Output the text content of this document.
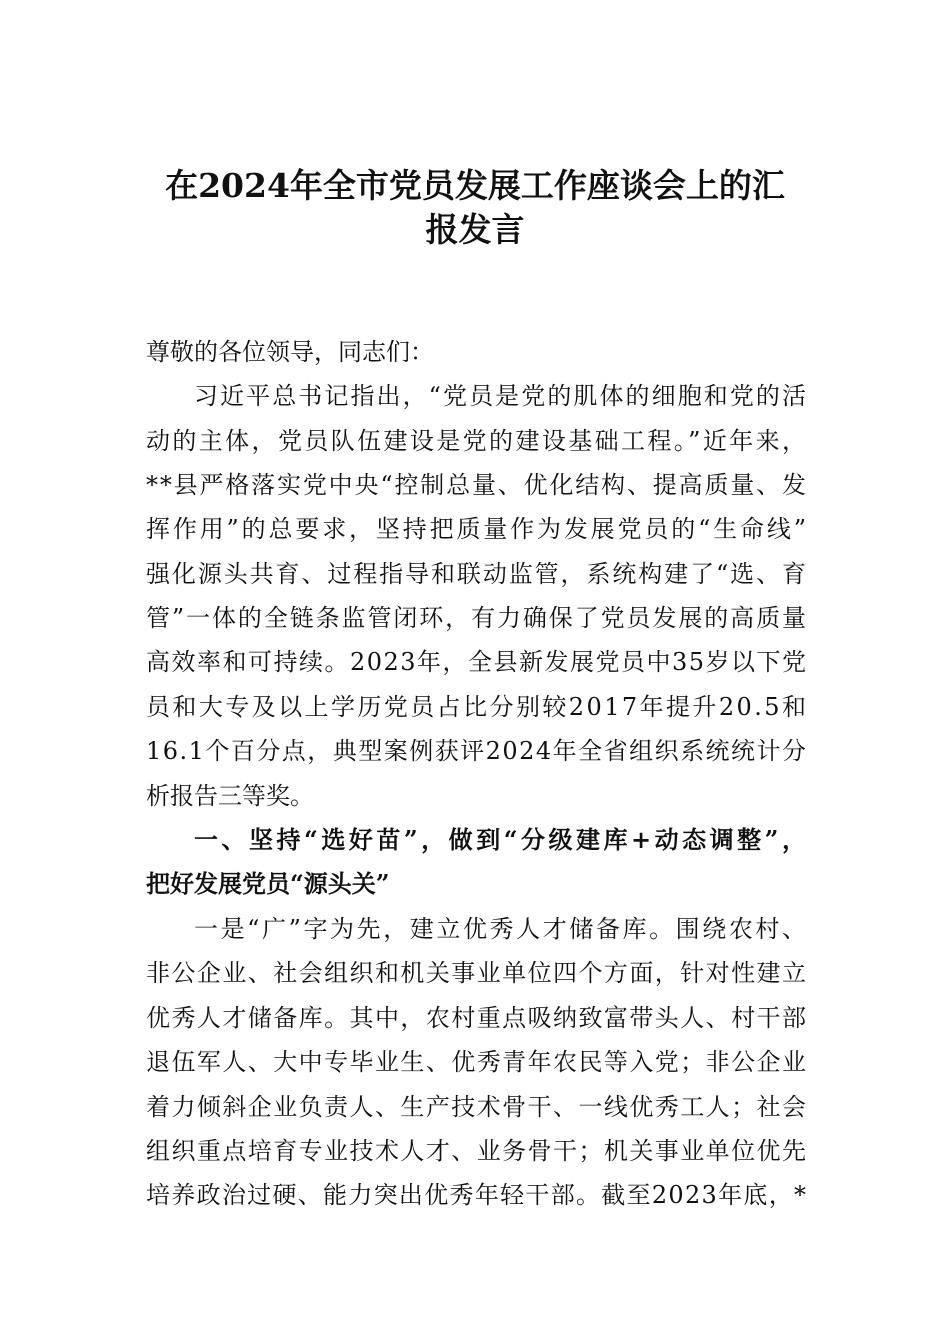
在2024年全市党员发展工作座谈会上的汇
报发言
尊敬的各位领导，同志们：
习近平总书记指出，“党员是党的肌体的细胞和党的活
动的主体，党员队伍建设是党的建设基础工程。”近年来，
**县严格落实党中央“控制总量、优化结构、提高质量、发
挥作用”的总要求，坚持把质量作为发展党员的“生命线”
强化源头共育、过程指导和联动监管，系统构建了“选、育
管”一体的全链条监管闭环，有力确保了党员发展的高质量
高效率和可持续。2023年，全县新发展党员中35岁以下党
员和大专及以上学历党员占比分别较2017年提升20.5和
16.1个百分点，典型案例获评2024年全省组织系统统计分
析报告三等奖。
一、坚持“选好苗”，做到“分级建库+动态调整”，
把好发展党员“源头关”
一是“广”字为先，建立优秀人才储备库。围绕农村、
非公企业、社会组织和机关事业单位四个方面，针对性建立
优秀人才储备库。其中，农村重点吸纳致富带头人、村干部
退伍军人、大中专毕业生、优秀青年农民等入党；非公企业
着力倾斜企业负责人、生产技术骨干、一线优秀工人；社会
组织重点培育专业技术人才、业务骨干；机关事业单位优先
培养政治过硬、能力突出优秀年轻干部。截至2023年底，*
